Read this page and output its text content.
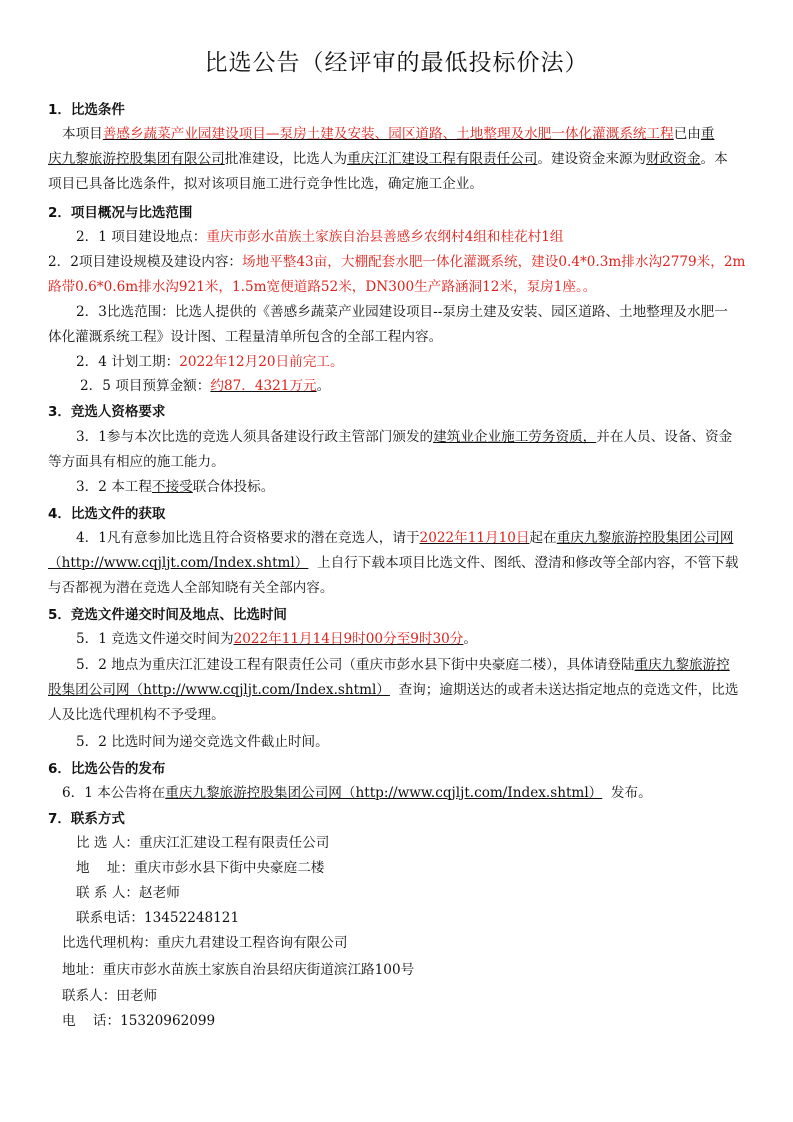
比选公告（经评审的最低投标价法）
1．比选条件
本项目善感乡蔬菜产业园建设项目—泵房土建及安装、园区道路、土地整理及水肥一体化灌溉系统工程已由重
庆九黎旅游控股集团有限公司批准建设，比选人为重庆江汇建设工程有限责任公司。建设资金来源为财政资金。本
项目已具备比选条件，拟对该项目施工进行竞争性比选，确定施工企业。
2．项目概况与比选范围
2．1 项目建设地点：重庆市彭水苗族土家族自治县善感乡农纲村4组和桂花村1组
2．2项目建设规模及建设内容：场地平整43亩，大棚配套水肥一体化灌溉系统，建设0.4*0.3m排水沟2779米，2m
路带0.6*0.6m排水沟921米，1.5m宽便道路52米，DN300生产路涵洞12米，泵房1座。。
2．3比选范围：比选人提供的《善感乡蔬菜产业园建设项目--泵房土建及安装、园区道路、土地整理及水肥一
体化灌溉系统工程》设计图、工程量清单所包含的全部工程内容。
2．4 计划工期：2022年12月20日前完工。
2．5 项目预算金额：约87．4321万元。
3．竞选人资格要求
3．1参与本次比选的竞选人须具备建设行政主管部门颁发的建筑业企业施工劳务资质，并在人员、设备、资金
等方面具有相应的施工能力。
3．2 本工程不接受联合体投标。
4．比选文件的获取
4．1凡有意参加比选且符合资格要求的潜在竞选人，请于2022年11月10日起在重庆九黎旅游控股集团公司网
（http://www.cqjljt.com/Index.shtml） 上自行下载本项目比选文件、图纸、澄清和修改等全部内容，不管下载
与否都视为潜在竞选人全部知晓有关全部内容。
5．竞选文件递交时间及地点、比选时间
5．1 竞选文件递交时间为2022年11月14日9时00分至9时30分。
5．2 地点为重庆江汇建设工程有限责任公司（重庆市彭水县下街中央豪庭二楼），具体请登陆重庆九黎旅游控
股集团公司网（http://www.cqjljt.com/Index.shtml） 查询；逾期送达的或者未送达指定地点的竞选文件，比选
人及比选代理机构不予受理。
5．2 比选时间为递交竞选文件截止时间。
6．比选公告的发布
6．1 本公告将在重庆九黎旅游控股集团公司网（http://www.cqjljt.com/Index.shtml） 发布。
7．联系方式
比 选 人：重庆江汇建设工程有限责任公司
地    址：重庆市彭水县下街中央豪庭二楼
联 系 人：赵老师
联系电话：13452248121
比选代理机构：重庆九君建设工程咨询有限公司
地址：重庆市彭水苗族土家族自治县绍庆街道滨江路100号
联系人：田老师
电    话：15320962099
